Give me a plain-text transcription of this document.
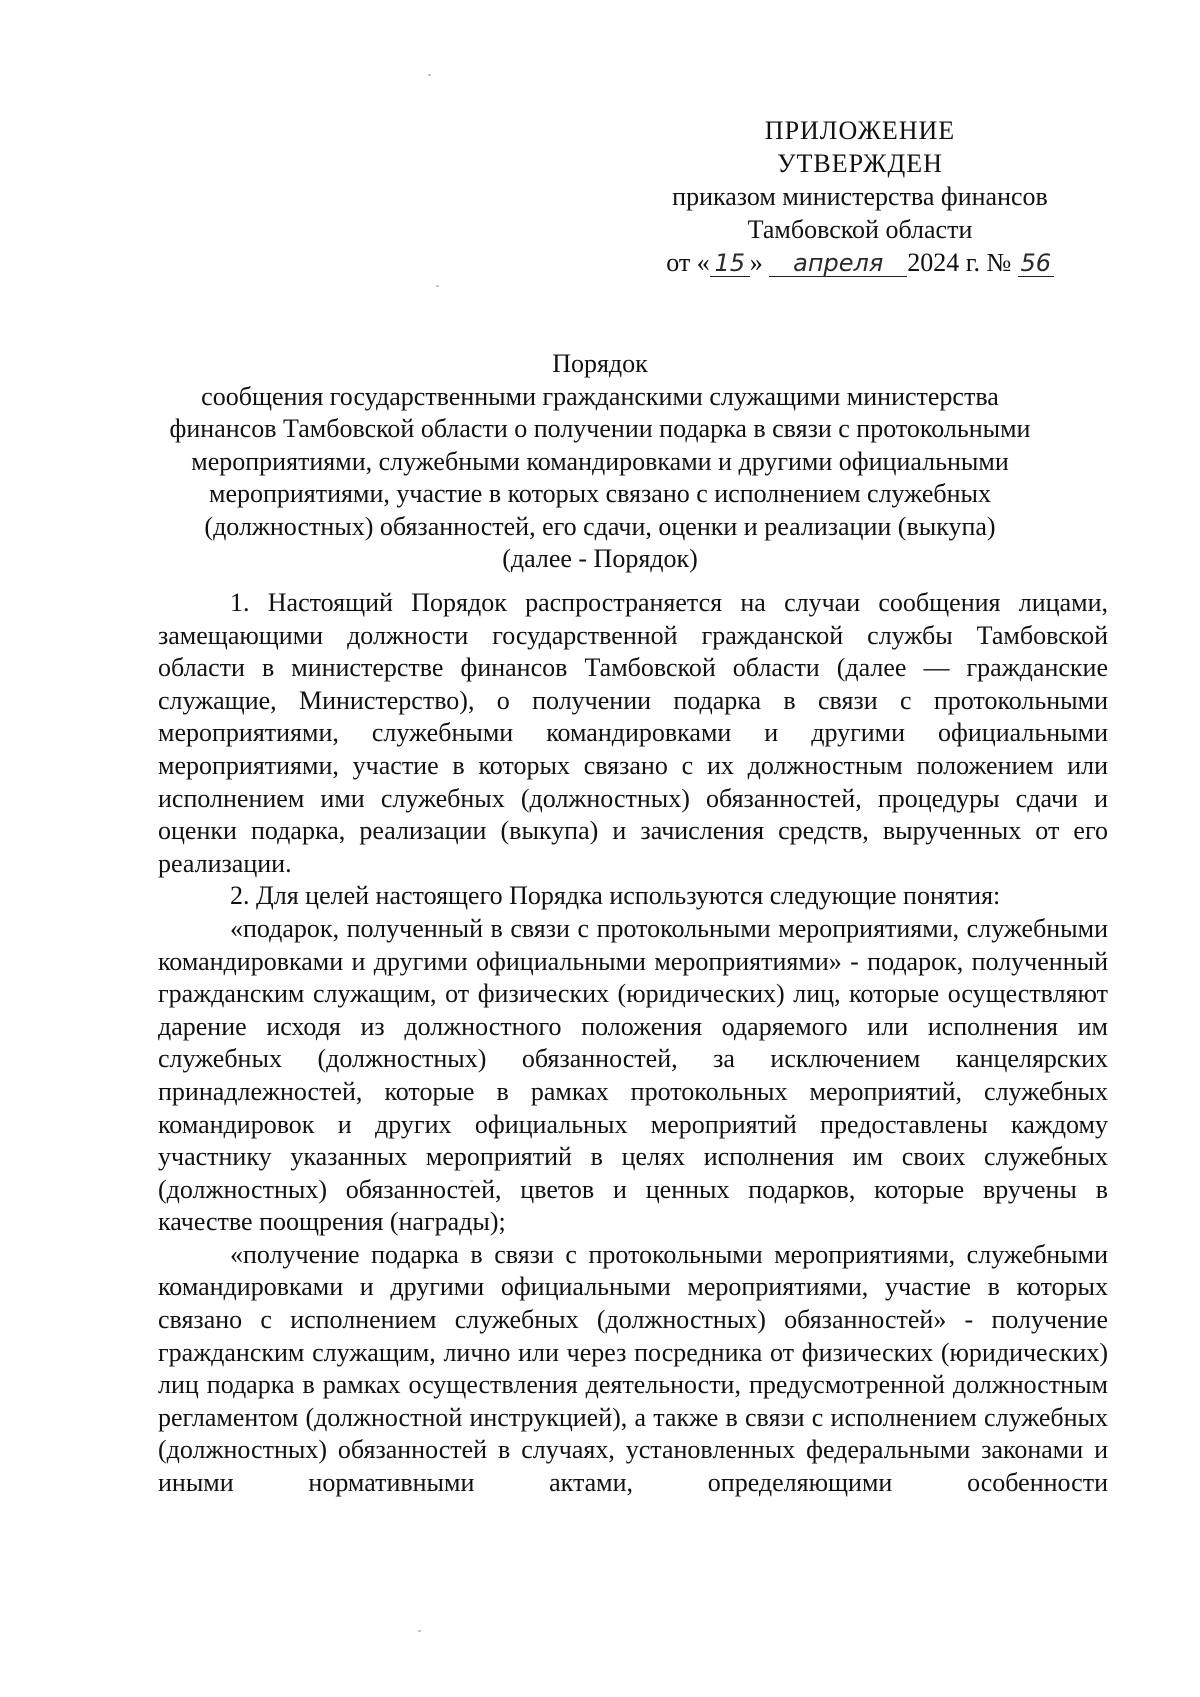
ПРИЛОЖЕНИЕ
УТВЕРЖДЕН
приказом министерства финансов
Тамбовской области
от « 15 » апреля 2024 г. № 56
Порядок
сообщения государственными гражданскими служащими министерства
финансов Тамбовской области о получении подарка в связи с протокольными
мероприятиями, служебными командировками и другими официальными
мероприятиями, участие в которых связано с исполнением служебных
(должностных) обязанностей, его сдачи, оценки и реализации (выкупа)
(далее - Порядок)
1. Настоящий Порядок распространяется на случаи сообщения лицами, замещающими должности государственной гражданской службы Тамбовской области в министерстве финансов Тамбовской области (далее — гражданские служащие, Министерство), о получении подарка в связи с протокольными мероприятиями, служебными командировками и другими официальными мероприятиями, участие в которых связано с их должностным положением или исполнением ими служебных (должностных) обязанностей, процедуры сдачи и оценки подарка, реализации (выкупа) и зачисления средств, вырученных от его реализации.
2. Для целей настоящего Порядка используются следующие понятия:
«подарок, полученный в связи с протокольными мероприятиями, служебными командировками и другими официальными мероприятиями» - подарок, полученный гражданским служащим, от физических (юридических) лиц, которые осуществляют дарение исходя из должностного положения одаряемого или исполнения им служебных (должностных) обязанностей, за исключением канцелярских принадлежностей, которые в рамках протокольных мероприятий, служебных командировок и других официальных мероприятий предоставлены каждому участнику указанных мероприятий в целях исполнения им своих служебных (должностных) обязанностей, цветов и ценных подарков, которые вручены в качестве поощрения (награды);
«получение подарка в связи с протокольными мероприятиями, служебными командировками и другими официальными мероприятиями, участие в которых связано с исполнением служебных (должностных) обязанностей» - получение гражданским служащим, лично или через посредника от физических (юридических) лиц подарка в рамках осуществления деятельности, предусмотренной должностным регламентом (должностной инструкцией), а также в связи с исполнением служебных (должностных) обязанностей в случаях, установленных федеральными законами и иными нормативными актами, определяющими особенности
